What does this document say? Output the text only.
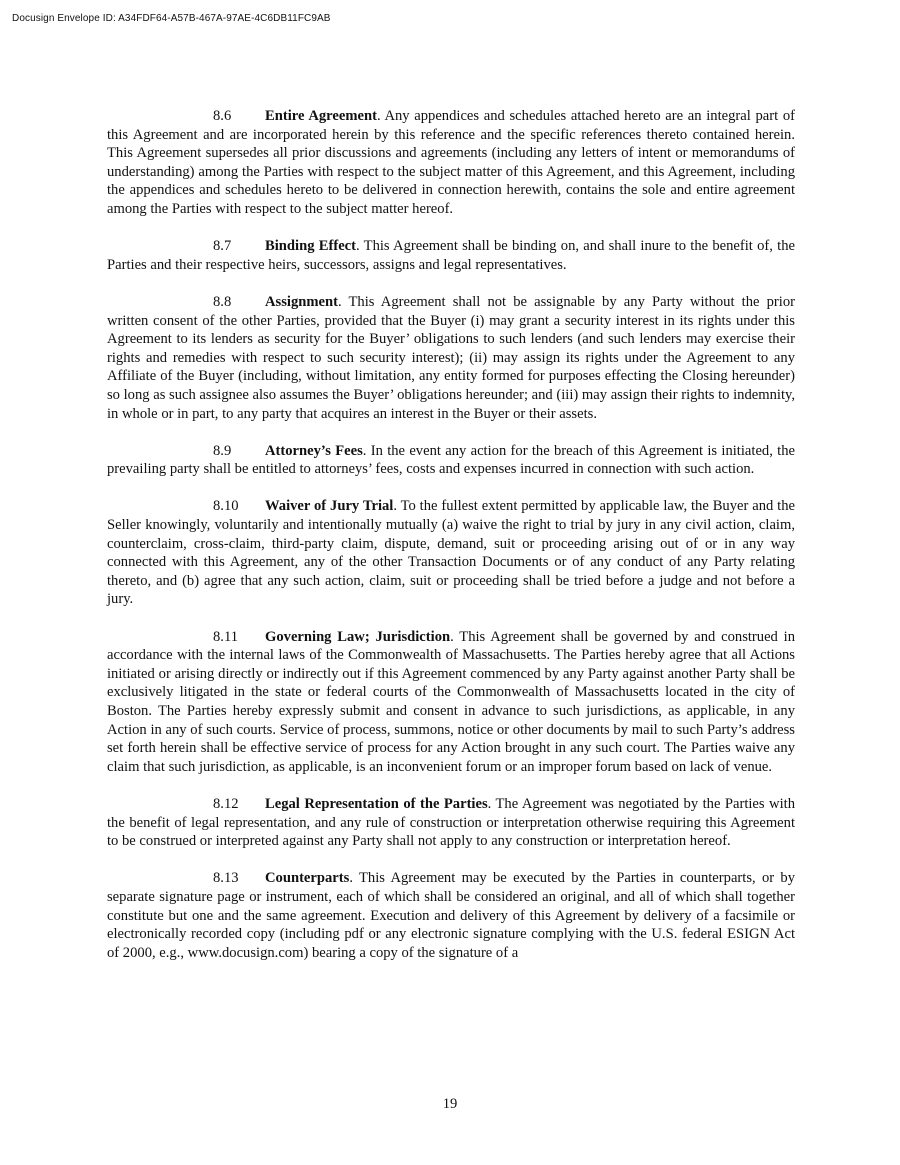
Docusign Envelope ID: A34FDF64-A57B-467A-97AE-4C6DB11FC9AB

8.6 Entire Agreement. Any appendices and schedules attached hereto are an integral part of this Agreement and are incorporated herein by this reference and the specific references thereto contained herein. This Agreement supersedes all prior discussions and agreements (including any letters of intent or memorandums of understanding) among the Parties with respect to the subject matter of this Agreement, and this Agreement, including the appendices and schedules hereto to be delivered in connection herewith, contains the sole and entire agreement among the Parties with respect to the subject matter hereof.

8.7 Binding Effect. This Agreement shall be binding on, and shall inure to the benefit of, the Parties and their respective heirs, successors, assigns and legal representatives.

8.8 Assignment. This Agreement shall not be assignable by any Party without the prior written consent of the other Parties, provided that the Buyer (i) may grant a security interest in its rights under this Agreement to its lenders as security for the Buyer’ obligations to such lenders (and such lenders may exercise their rights and remedies with respect to such security interest); (ii) may assign its rights under the Agreement to any Affiliate of the Buyer (including, without limitation, any entity formed for purposes effecting the Closing hereunder) so long as such assignee also assumes the Buyer’ obligations hereunder; and (iii) may assign their rights to indemnity, in whole or in part, to any party that acquires an interest in the Buyer or their assets.

8.9 Attorney’s Fees. In the event any action for the breach of this Agreement is initiated, the prevailing party shall be entitled to attorneys’ fees, costs and expenses incurred in connection with such action.

8.10 Waiver of Jury Trial. To the fullest extent permitted by applicable law, the Buyer and the Seller knowingly, voluntarily and intentionally mutually (a) waive the right to trial by jury in any civil action, claim, counterclaim, cross-claim, third-party claim, dispute, demand, suit or proceeding arising out of or in any way connected with this Agreement, any of the other Transaction Documents or of any conduct of any Party relating thereto, and (b) agree that any such action, claim, suit or proceeding shall be tried before a judge and not before a jury.

8.11 Governing Law; Jurisdiction. This Agreement shall be governed by and construed in accordance with the internal laws of the Commonwealth of Massachusetts. The Parties hereby agree that all Actions initiated or arising directly or indirectly out if this Agreement commenced by any Party against another Party shall be exclusively litigated in the state or federal courts of the Commonwealth of Massachusetts located in the city of Boston. The Parties hereby expressly submit and consent in advance to such jurisdictions, as applicable, in any Action in any of such courts. Service of process, summons, notice or other documents by mail to such Party’s address set forth herein shall be effective service of process for any Action brought in any such court. The Parties waive any claim that such jurisdiction, as applicable, is an inconvenient forum or an improper forum based on lack of venue.

8.12 Legal Representation of the Parties. The Agreement was negotiated by the Parties with the benefit of legal representation, and any rule of construction or interpretation otherwise requiring this Agreement to be construed or interpreted against any Party shall not apply to any construction or interpretation hereof.

8.13 Counterparts. This Agreement may be executed by the Parties in counterparts, or by separate signature page or instrument, each of which shall be considered an original, and all of which shall together constitute but one and the same agreement. Execution and delivery of this Agreement by delivery of a facsimile or electronically recorded copy (including pdf or any electronic signature complying with the U.S. federal ESIGN Act of 2000, e.g., www.docusign.com) bearing a copy of the signature of a

19
